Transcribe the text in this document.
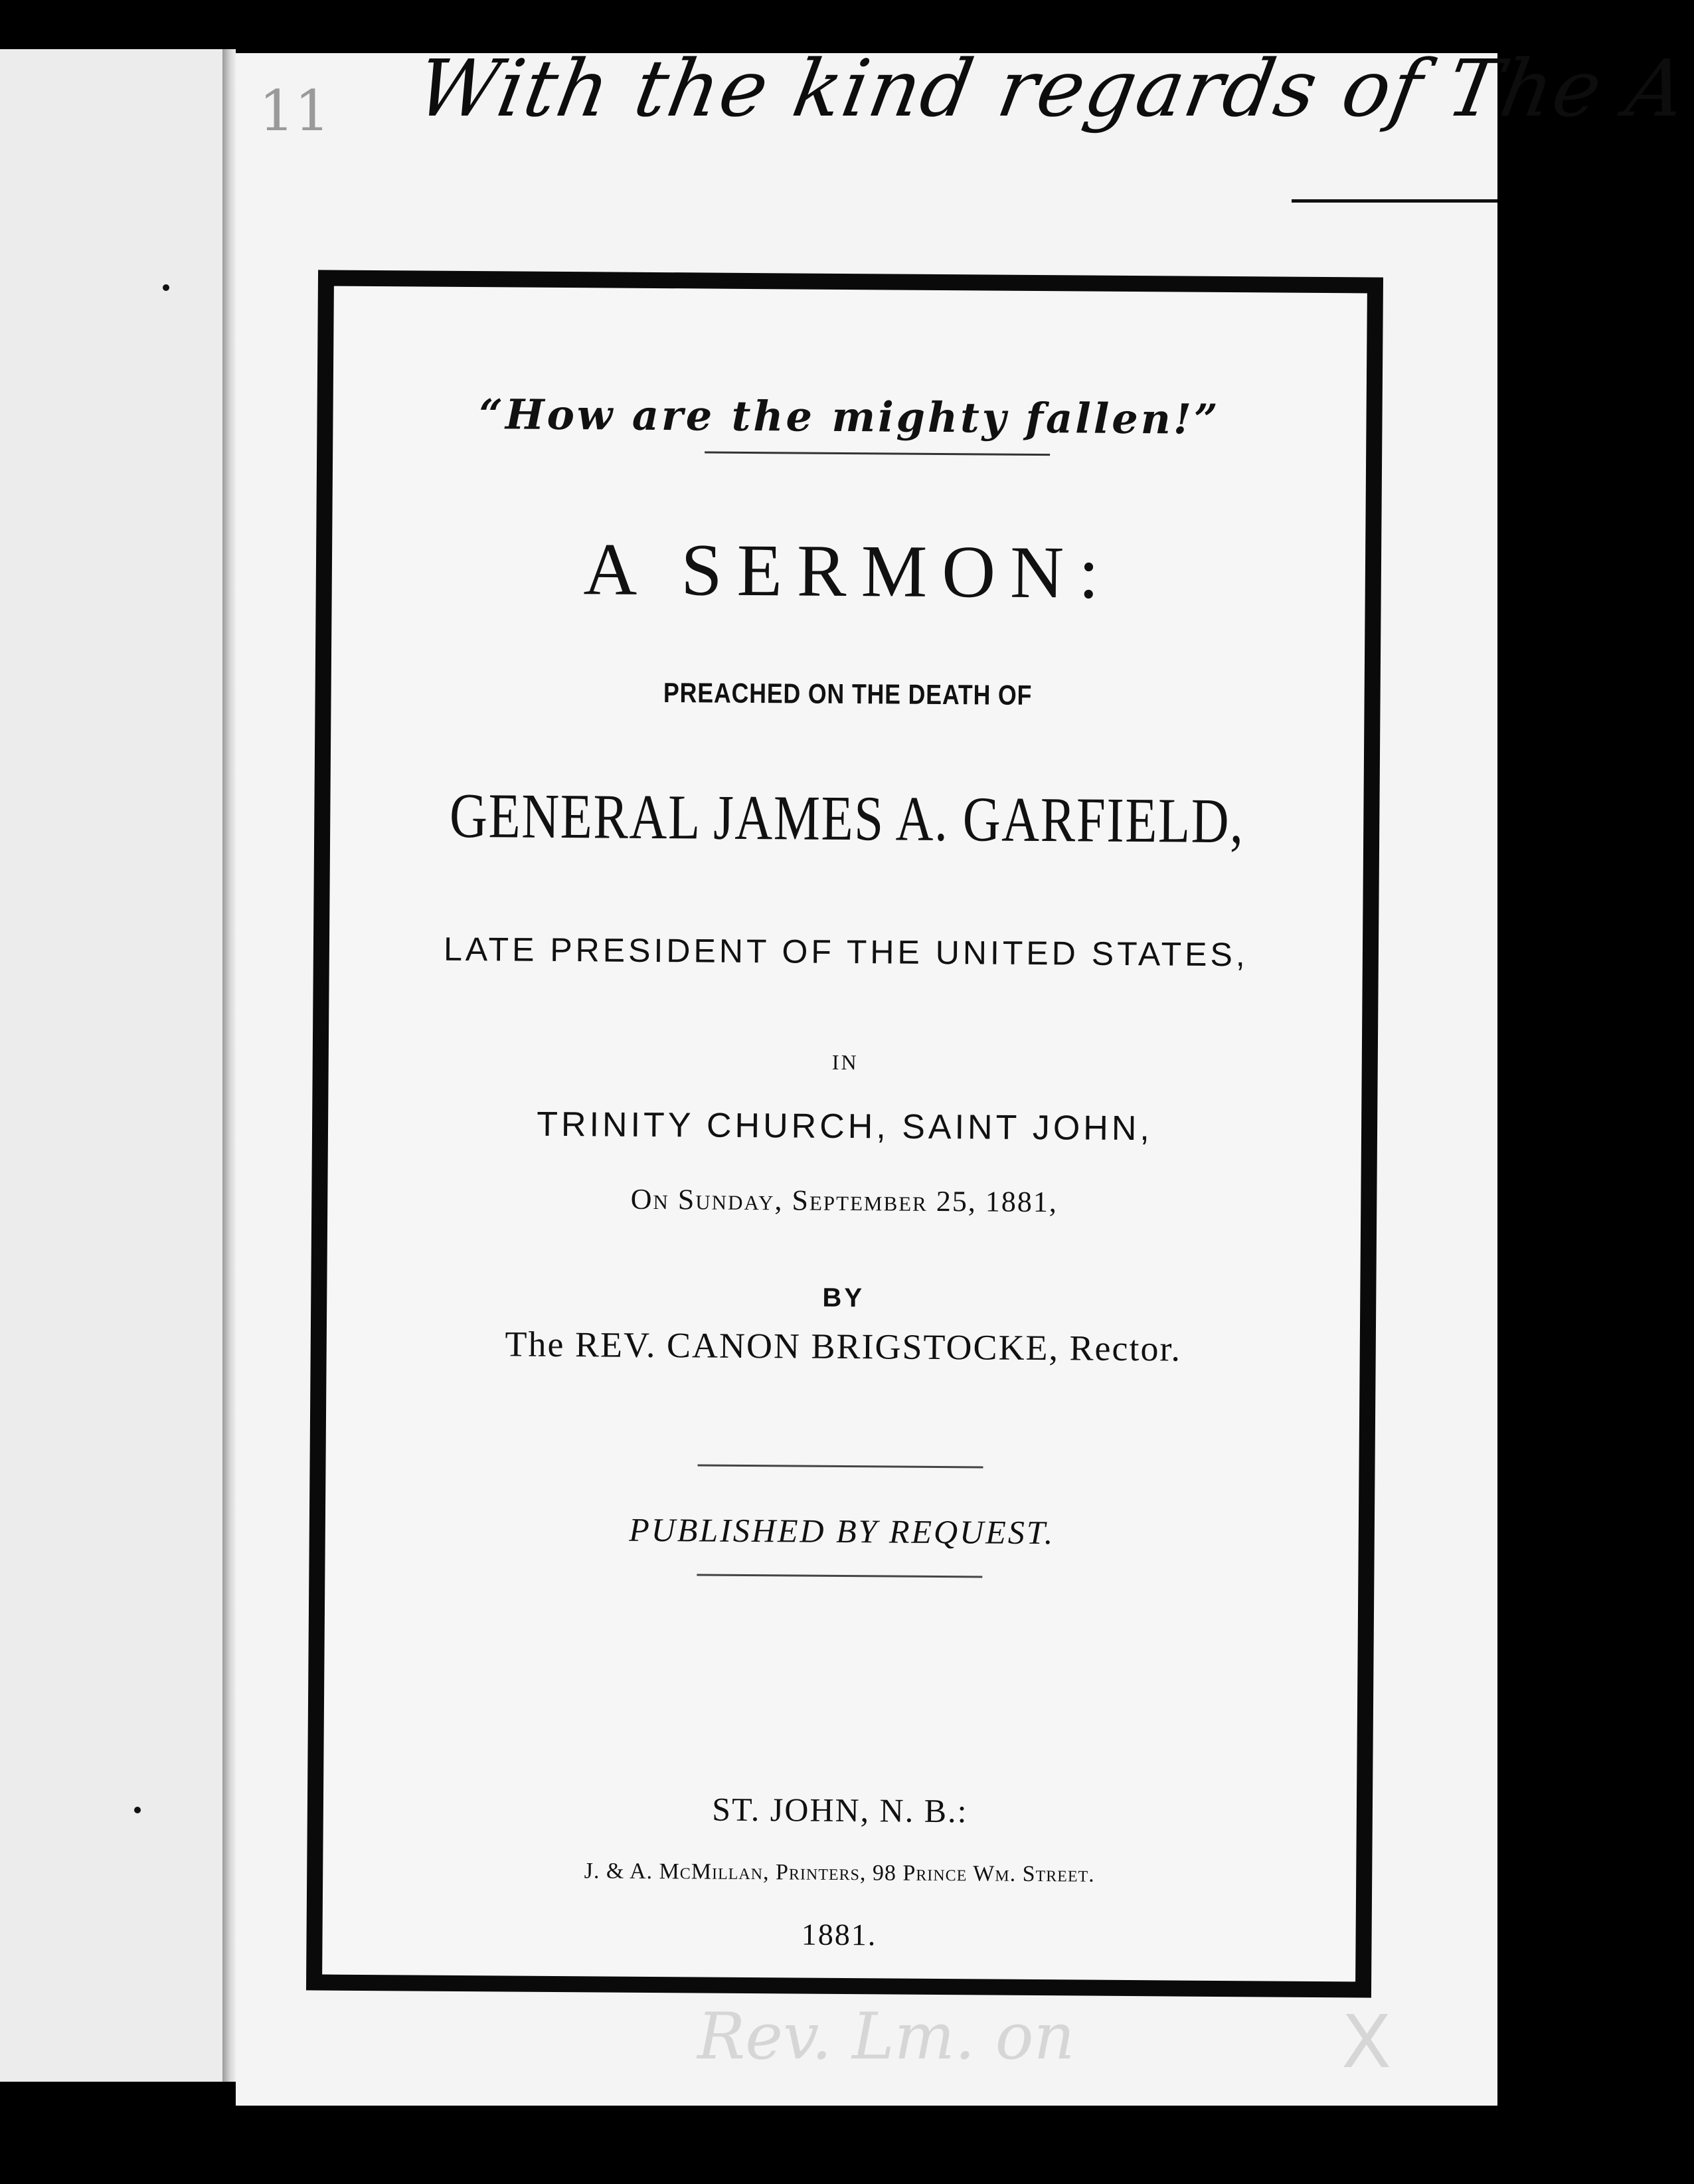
11 With the kind regards of The A
“How are the mighty fallen!”
A SERMON:
PREACHED ON THE DEATH OF
GENERAL JAMES A. GARFIELD,
LATE PRESIDENT OF THE UNITED STATES,
IN
TRINITY CHURCH, SAINT JOHN,
On Sunday, September 25, 1881,
BY
The REV. CANON BRIGSTOCKE, Rector.
PUBLISHED BY REQUEST.
ST. JOHN, N. B.:
J. & A. McMillan, Printers, 98 Prince Wm. Street.
1881.
Rev. Lm. on	X
